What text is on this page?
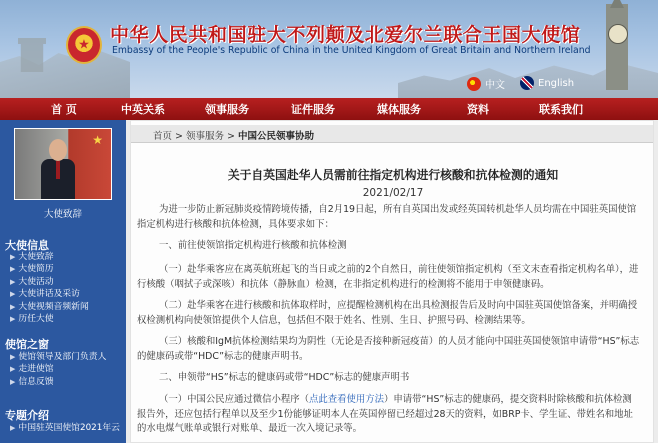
★ 中华人民共和国驻大不列颠及北爱尔兰联合王国大使馆
Embassy of the People's Republic of China in the United Kingdom of Great Britain and Northern Ireland
中文	English
首 页	中英关系	领事服务	证件服务	媒体服务	资料	联系我们
★
大使致辞
大使信息
▶ 大使致辞
▶ 大使简历
▶ 大使活动
▶ 大使讲话及采访
▶ 大使视频音频新闻
▶ 历任大使
使馆之窗
▶ 使馆领导及部门负责人
▶ 走进使馆
▶ 信息反馈
专题介绍
▶ 中国驻英国使馆2021年云
首页 > 领事服务 > 中国公民领事协助
关于自英国赴华人员需前往指定机构进行核酸和抗体检测的通知
2021/02/17
为进一步防止新冠肺炎疫情跨境传播，自2月19日起，所有自英国出发或经英国转机赴华人员均需在中国驻英国使馆指定机构进行核酸和抗体检测，具体要求如下：
一、前往使领馆指定机构进行核酸和抗体检测
（一）赴华乘客应在离英航班起飞的当日或之前的2个自然日，前往使领馆指定机构（至文末查看指定机构名单），进行核酸（咽拭子或深咳）和抗体（静脉血）检测，在非指定机构进行的检测将不能用于申领健康码。
（二）赴华乘客在进行核酸和抗体取样时，应提醒检测机构在出具检测报告后及时向中国驻英国使馆备案，并明确授权检测机构向使领馆提供个人信息，包括但不限于姓名、性别、生日、护照号码、检测结果等。
（三）核酸和IgM抗体检测结果均为阴性（无论是否接种新冠疫苗）的人员才能向中国驻英国使领馆申请带“HS”标志的健康码或带“HDC”标志的健康声明书。
二、申领带“HS”标志的健康码或带“HDC”标志的健康声明书
（一）中国公民应通过微信小程序（点此查看使用方法）申请带“HS”标志的健康码，提交资料时除核酸和抗体检测报告外，还应包括行程单以及至少1份能够证明本人在英国停留已经超过28天的资料，如BRP卡、学生证、带姓名和地址的水电煤气账单或银行对账单、最近一次入境记录等。
